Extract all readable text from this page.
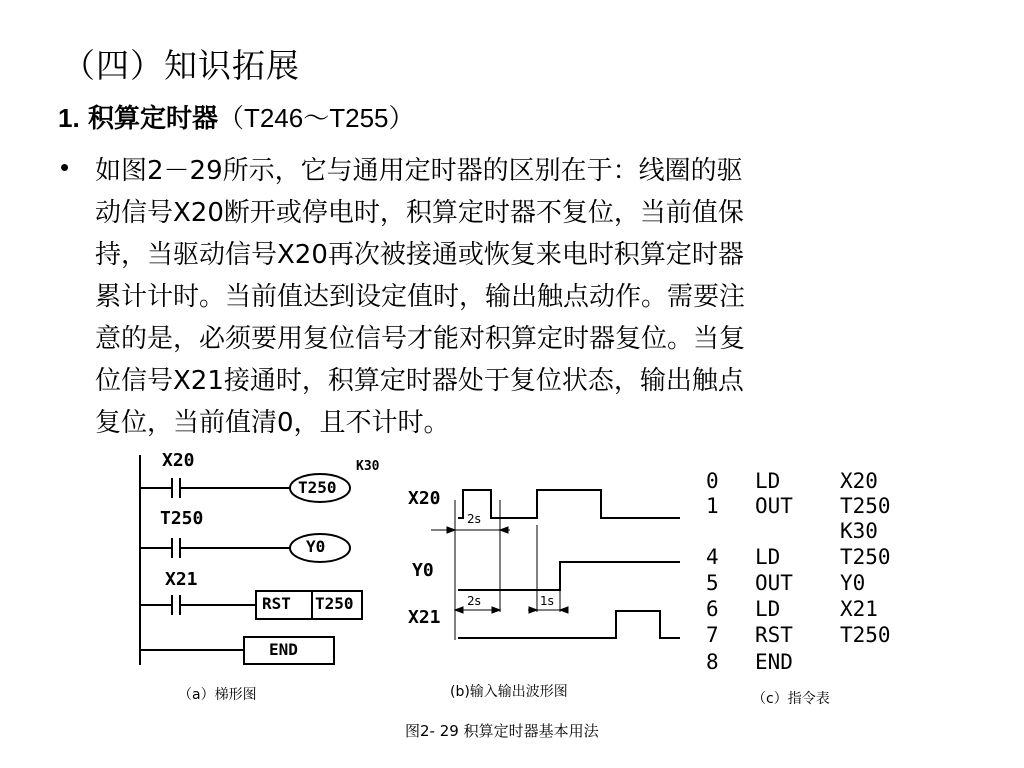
（四）知识拓展
1. 积算定时器（T246～T255）
• 如图2－29所示，它与通用定时器的区别在于：线圈的驱
动信号X20断开或停电时，积算定时器不复位，当前值保
持，当驱动信号X20再次被接通或恢复来电时积算定时器
累计计时。当前值达到设定值时，输出触点动作。需要注
意的是，必须要用复位信号才能对积算定时器复位。当复
位信号X21接通时，积算定时器处于复位状态，输出触点
复位，当前值清0，且不计时。
X20
T250
K30
T250
Y0
X21
RST T250
END
（a）梯形图
X20
Y0
X21
2s
2s	1s
(b)输入输出波形图
0 LD	X20
1 OUT T250
K30
4 LD	T250
5 OUT Y0
6 LD	X21
7 RST T250
8 END
（c）指令表
图2- 29 积算定时器基本用法
